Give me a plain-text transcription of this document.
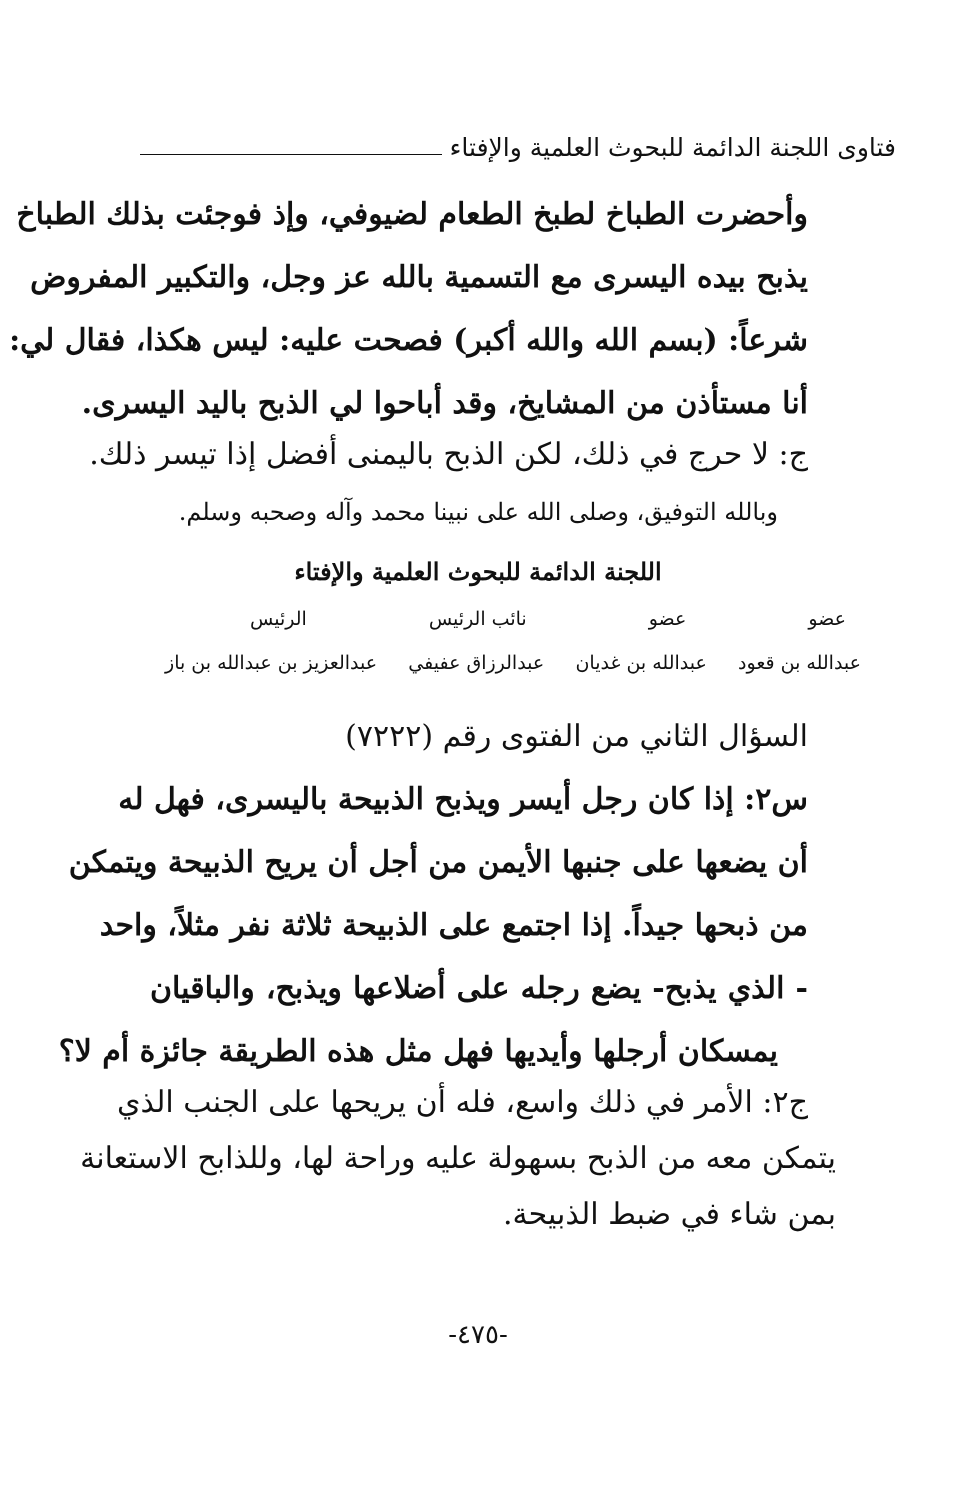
فتاوى اللجنة الدائمة للبحوث العلمية والإفتاء
وأحضرت الطباخ لطبخ الطعام لضيوفي، وإذ فوجئت بذلك الطباخ
يذبح بيده اليسرى مع التسمية بالله عز وجل، والتكبير المفروض
شرعاً: (بسم الله والله أكبر) فصحت عليه: ليس هكذا، فقال لي:
أنا مستأذن من المشايخ، وقد أباحوا لي الذبح باليد اليسرى.
ج: لا حرج في ذلك، لكن الذبح باليمنى أفضل إذا تيسر ذلك.
وبالله التوفيق، وصلى الله على نبينا محمد وآله وصحبه وسلم.
اللجنة الدائمة للبحوث العلمية والإفتاء
عضو
عضو
نائب الرئيس
الرئيس
عبدالله بن قعود
عبدالله بن غديان
عبدالرزاق عفيفي
عبدالعزيز بن عبدالله بن باز
السؤال الثاني من الفتوى رقم (٧٢٢٢)
س٢: إذا كان رجل أيسر ويذبح الذبيحة باليسرى، فهل له
أن يضعها على جنبها الأيمن من أجل أن يريح الذبيحة ويتمكن
من ذبحها جيداً. إذا اجتمع على الذبيحة ثلاثة نفر مثلاً، واحد
- الذي يذبح- يضع رجله على أضلاعها ويذبح، والباقيان
يمسكان أرجلها وأيديها فهل مثل هذه الطريقة جائزة أم لا؟
ج٢: الأمر في ذلك واسع، فله أن يريحها على الجنب الذي
يتمكن معه من الذبح بسهولة عليه وراحة لها، وللذابح الاستعانة
بمن شاء في ضبط الذبيحة.
-٤٧٥-
